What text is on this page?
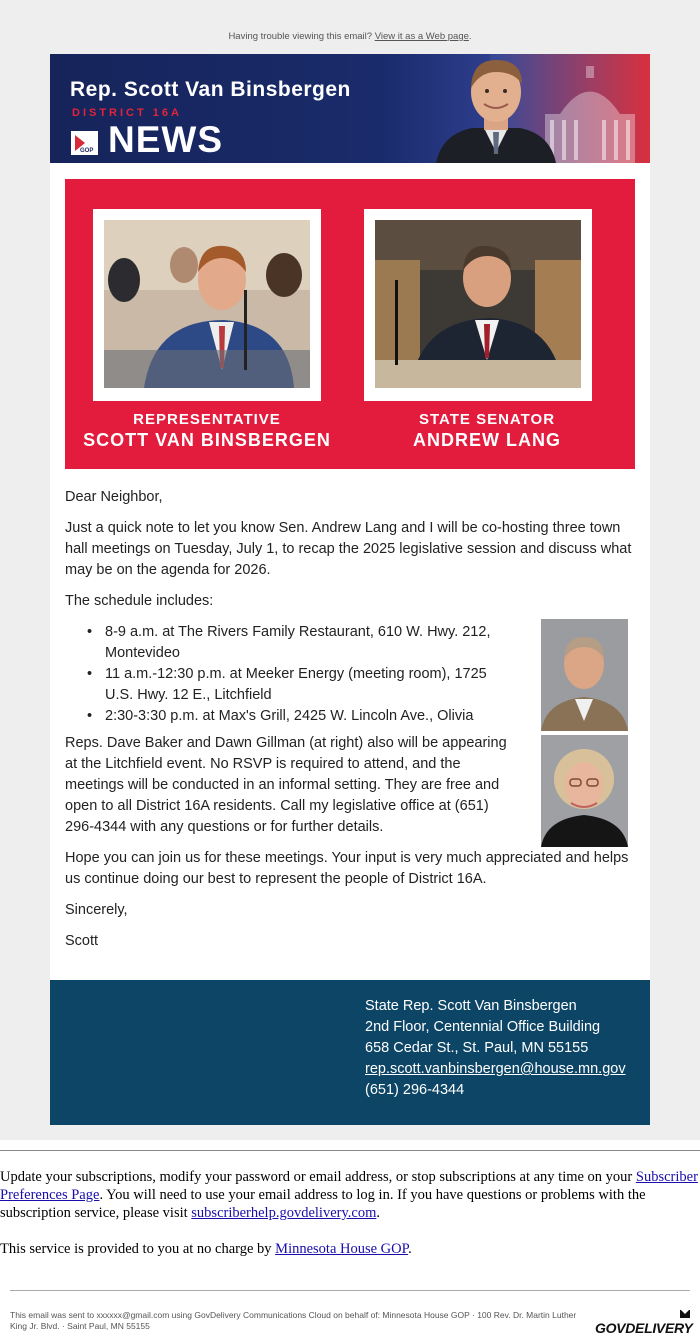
Having trouble viewing this email? View it as a Web page.
Rep. Scott Van Binsbergen
DISTRICT 16A
GOP NEWS
REPRESENTATIVE
SCOTT VAN BINSBERGEN
STATE SENATOR
ANDREW LANG

Dear Neighbor,

Just a quick note to let you know Sen. Andrew Lang and I will be co-hosting three town hall meetings on Tuesday, July 1, to recap the 2025 legislative session and discuss what may be on the agenda for 2026.

The schedule includes:

• 8-9 a.m. at The Rivers Family Restaurant, 610 W. Hwy. 212, Montevideo
• 11 a.m.-12:30 p.m. at Meeker Energy (meeting room), 1725 U.S. Hwy. 12 E., Litchfield
• 2:30-3:30 p.m. at Max's Grill, 2425 W. Lincoln Ave., Olivia

Reps. Dave Baker and Dawn Gillman (at right) also will be appearing at the Litchfield event. No RSVP is required to attend, and the meetings will be conducted in an informal setting. They are free and open to all District 16A residents. Call my legislative office at (651) 296-4344 with any questions or for further details.

Hope you can join us for these meetings. Your input is very much appreciated and helps us continue doing our best to represent the people of District 16A.

Sincerely,

Scott

State Rep. Scott Van Binsbergen
2nd Floor, Centennial Office Building
658 Cedar St., St. Paul, MN 55155
rep.scott.vanbinsbergen@house.mn.gov
(651) 296-4344

Update your subscriptions, modify your password or email address, or stop subscriptions at any time on your Subscriber Preferences Page. You will need to use your email address to log in. If you have questions or problems with the subscription service, please visit subscriberhelp.govdelivery.com.

This service is provided to you at no charge by Minnesota House GOP.

This email was sent to xxxxxx@gmail.com using GovDelivery Communications Cloud on behalf of: Minnesota House GOP · 100 Rev. Dr. Martin Luther King Jr. Blvd. · Saint Paul, MN 55155	GOVDELIVERY
